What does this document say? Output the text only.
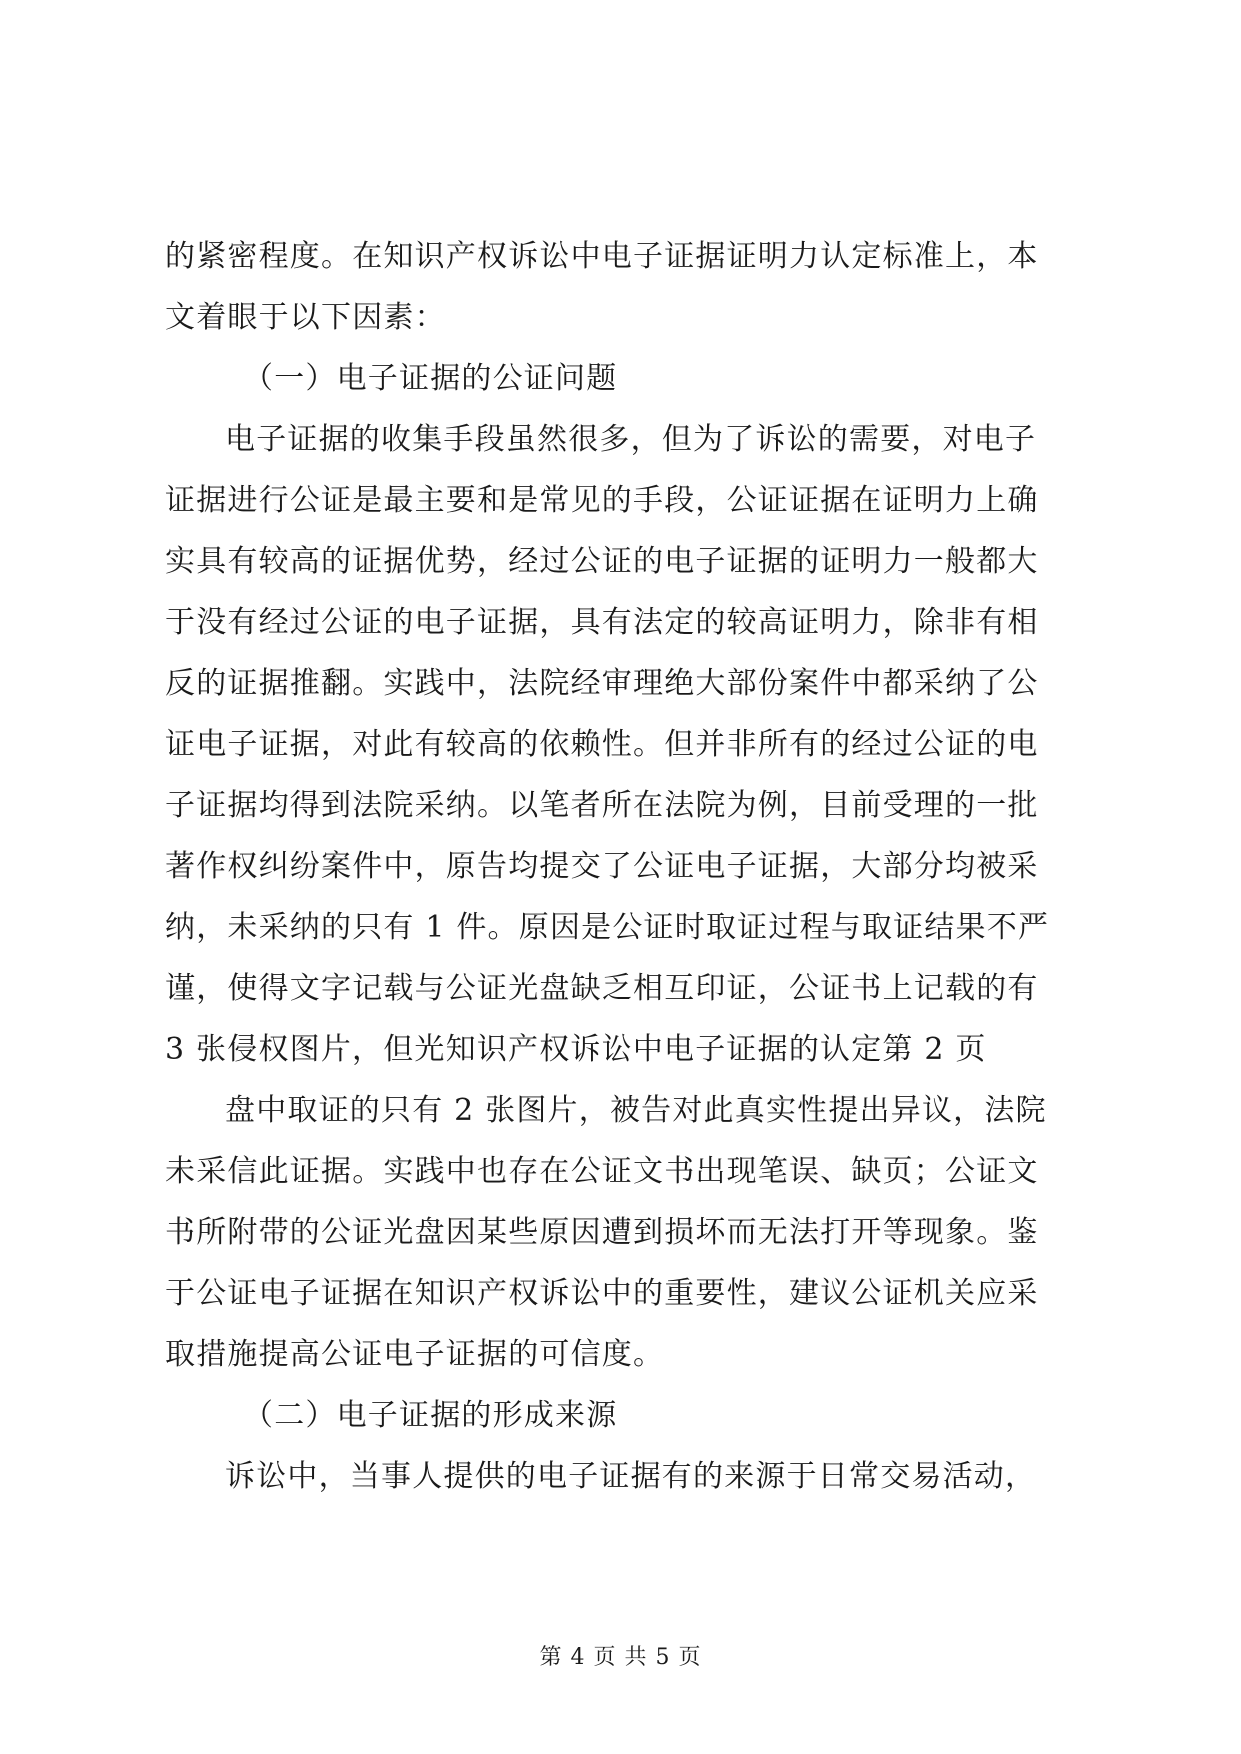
的紧密程度。在知识产权诉讼中电子证据证明力认定标准上，本
文着眼于以下因素：
（一）电子证据的公证问题
电子证据的收集手段虽然很多，但为了诉讼的需要，对电子
证据进行公证是最主要和是常见的手段，公证证据在证明力上确
实具有较高的证据优势，经过公证的电子证据的证明力一般都大
于没有经过公证的电子证据，具有法定的较高证明力，除非有相
反的证据推翻。实践中，法院经审理绝大部份案件中都采纳了公
证电子证据，对此有较高的依赖性。但并非所有的经过公证的电
子证据均得到法院采纳。以笔者所在法院为例，目前受理的一批
著作权纠纷案件中，原告均提交了公证电子证据，大部分均被采
纳，未采纳的只有 1 件。原因是公证时取证过程与取证结果不严
谨，使得文字记载与公证光盘缺乏相互印证，公证书上记载的有
3 张侵权图片，但光知识产权诉讼中电子证据的认定第 2 页
盘中取证的只有 2 张图片，被告对此真实性提出异议，法院
未采信此证据。实践中也存在公证文书出现笔误、缺页；公证文
书所附带的公证光盘因某些原因遭到损坏而无法打开等现象。鉴
于公证电子证据在知识产权诉讼中的重要性，建议公证机关应采
取措施提高公证电子证据的可信度。
（二）电子证据的形成来源
诉讼中，当事人提供的电子证据有的来源于日常交易活动，
第 4 页 共 5 页
